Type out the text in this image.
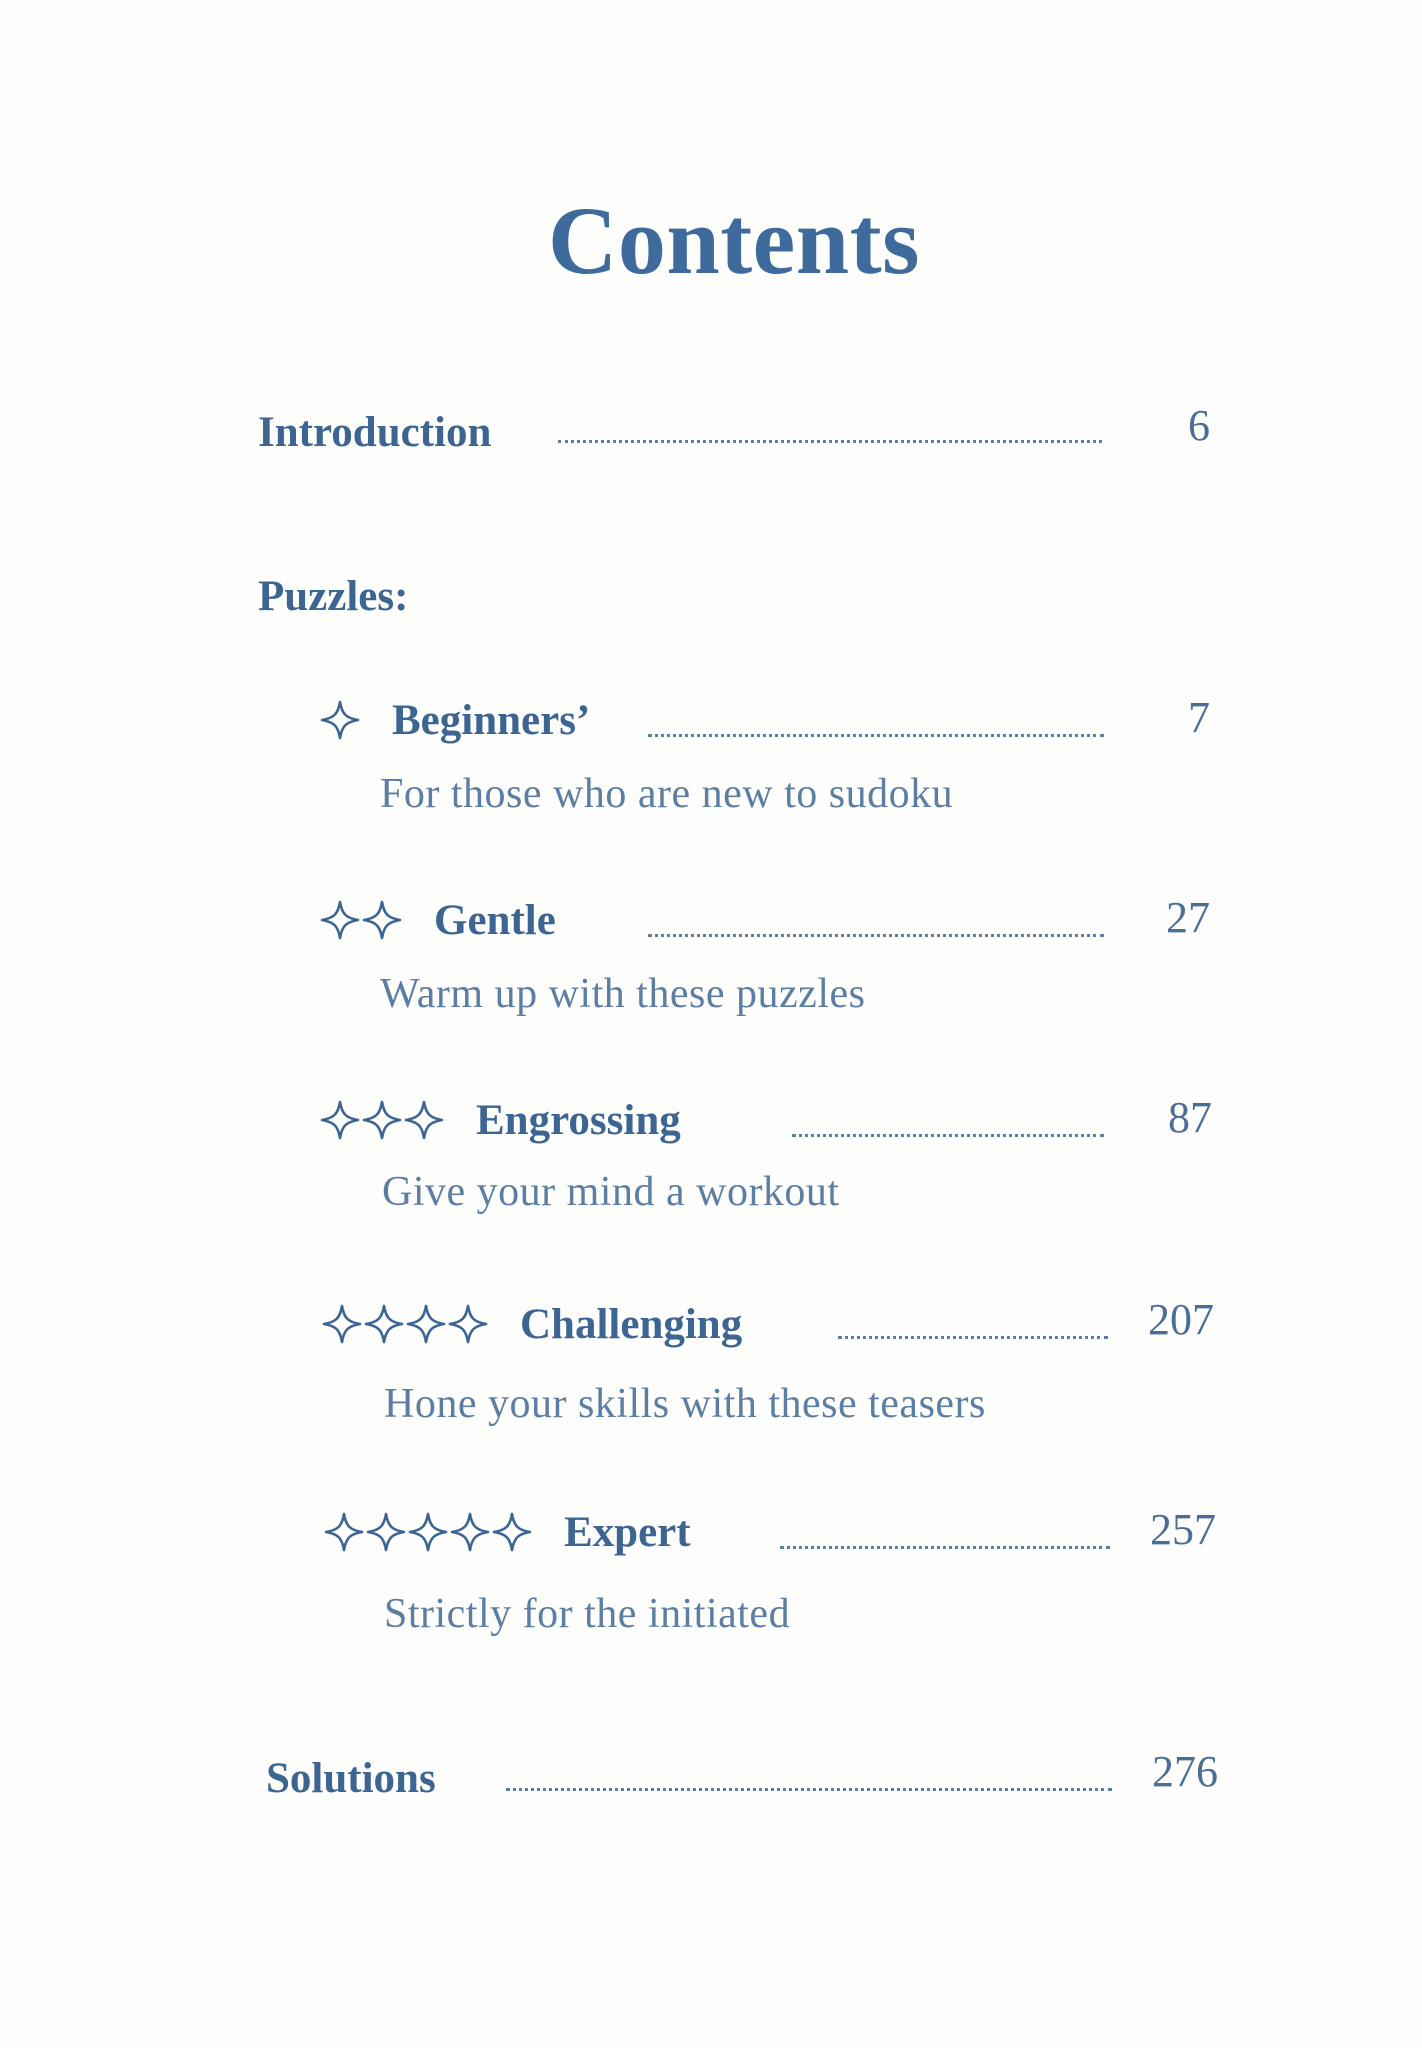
Contents
Introduction	6
Puzzles:
Beginners’	7
For those who are new to sudoku
Gentle	27
Warm up with these puzzles
Engrossing	87
Give your mind a workout
Challenging	207
Hone your skills with these teasers
Expert	257
Strictly for the initiated
Solutions	276
